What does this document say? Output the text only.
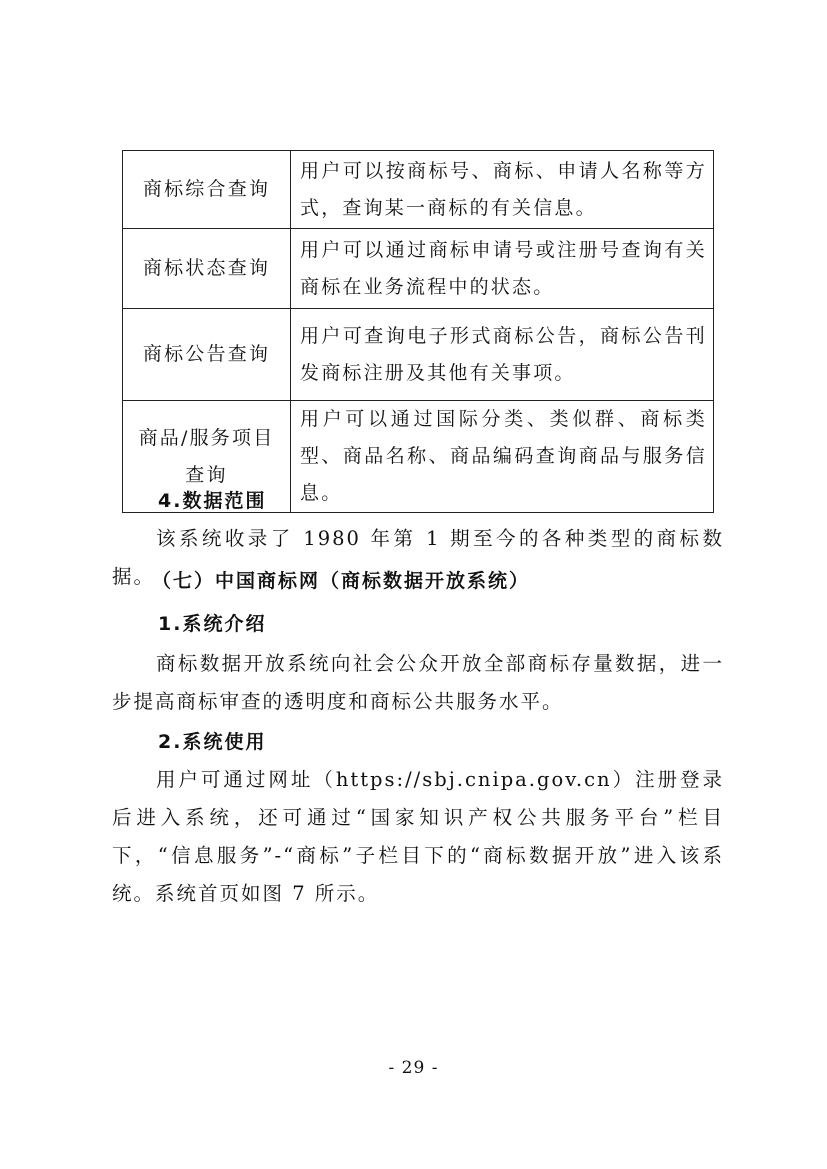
商标综合查询	用户可以按商标号、商标、申请人名称等方式，查询某一商标的有关信息。
商标状态查询	用户可以通过商标申请号或注册号查询有关商标在业务流程中的状态。
商标公告查询	用户可查询电子形式商标公告，商标公告刊发商标注册及其他有关事项。
商品/服务项目查询	用户可以通过国际分类、类似群、商标类型、商品名称、商品编码查询商品与服务信息。
4.数据范围
该系统收录了 1980 年第 1 期至今的各种类型的商标数据。
（七）中国商标网（商标数据开放系统）
1.系统介绍
商标数据开放系统向社会公众开放全部商标存量数据，进一步提高商标审查的透明度和商标公共服务水平。
2.系统使用
用户可通过网址（https://sbj.cnipa.gov.cn）注册登录后进入系统，还可通过“国家知识产权公共服务平台”栏目下，“信息服务”-“商标”子栏目下的“商标数据开放”进入该系统。系统首页如图 7 所示。
- 29 -
